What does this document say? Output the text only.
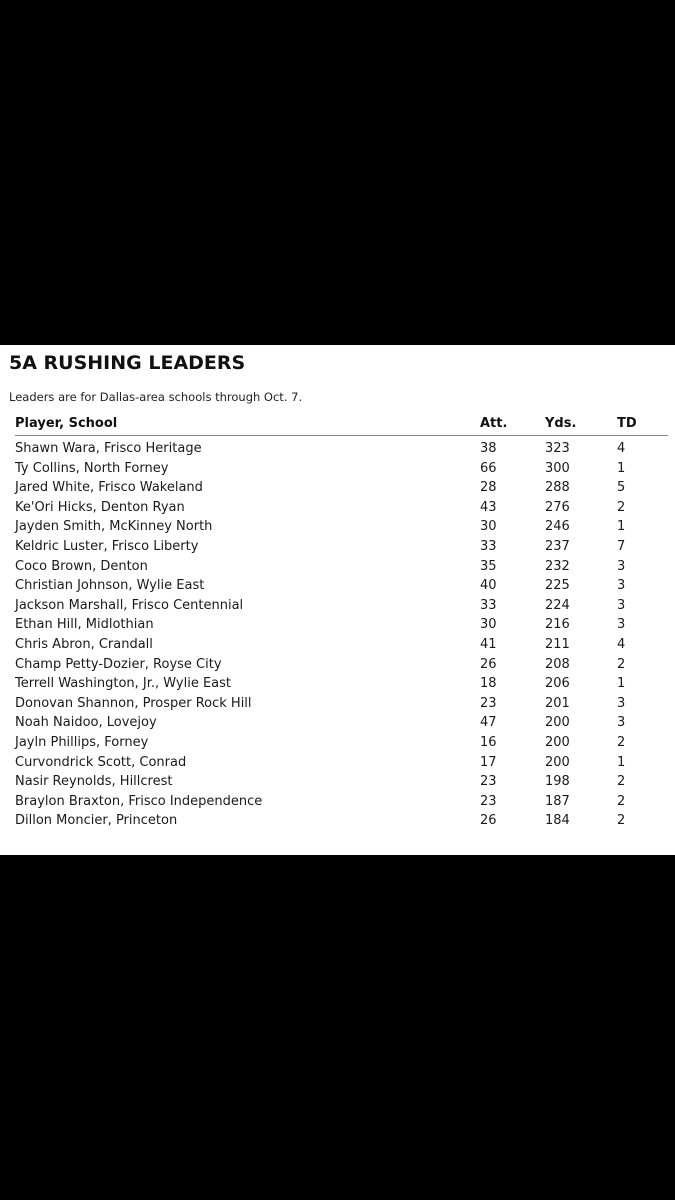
5A RUSHING LEADERS

Leaders are for Dallas-area schools through Oct. 7.

Player, School	Att.	Yds.	TD
Shawn Wara, Frisco Heritage	38	323	4
Ty Collins, North Forney	66	300	1
Jared White, Frisco Wakeland	28	288	5
Ke'Ori Hicks, Denton Ryan	43	276	2
Jayden Smith, McKinney North	30	246	1
Keldric Luster, Frisco Liberty	33	237	7
Coco Brown, Denton	35	232	3
Christian Johnson, Wylie East	40	225	3
Jackson Marshall, Frisco Centennial	33	224	3
Ethan Hill, Midlothian	30	216	3
Chris Abron, Crandall	41	211	4
Champ Petty-Dozier, Royse City	26	208	2
Terrell Washington, Jr., Wylie East	18	206	1
Donovan Shannon, Prosper Rock Hill	23	201	3
Noah Naidoo, Lovejoy	47	200	3
Jayln Phillips, Forney	16	200	2
Curvondrick Scott, Conrad	17	200	1
Nasir Reynolds, Hillcrest	23	198	2
Braylon Braxton, Frisco Independence	23	187	2
Dillon Moncier, Princeton	26	184	2
